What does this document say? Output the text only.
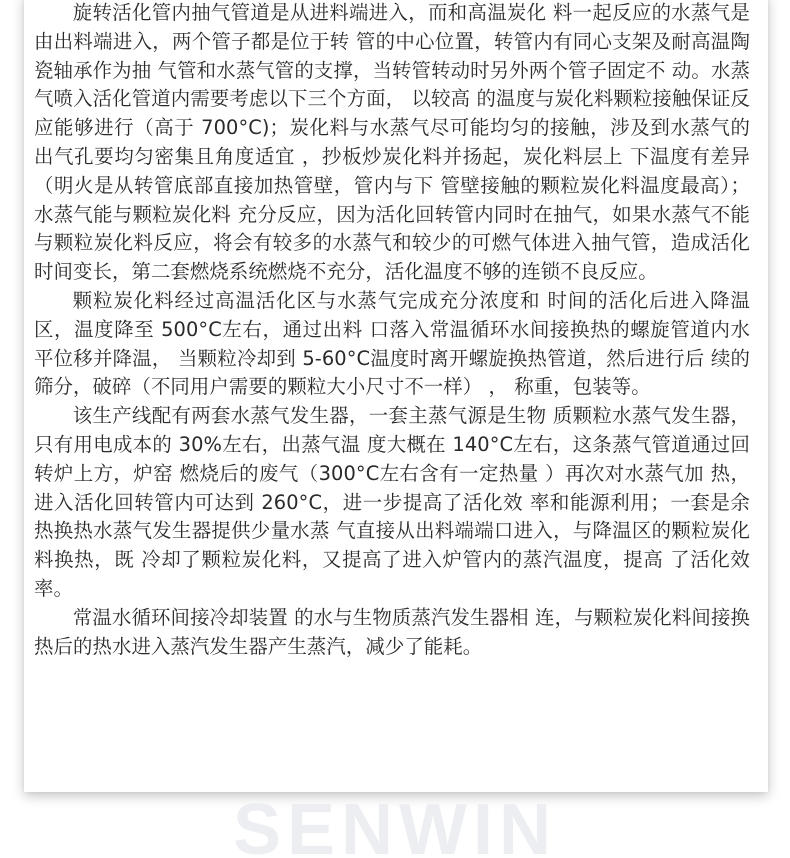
旋转活化管内抽气管道是从进料端进入，而和高温炭化 料一起反应的水蒸气是由出料端进入，两个管子都是位于转 管的中心位置，转管内有同心支架及耐高温陶瓷轴承作为抽 气管和水蒸气管的支撑，当转管转动时另外两个管子固定不 动。水蒸气喷入活化管道内需要考虑以下三个方面， 以较高 的温度与炭化料颗粒接触保证反应能够进行（高于 700°C)；炭化料与水蒸气尽可能均匀的接触，涉及到水蒸气的出气孔要均匀密集且角度适宜 ，抄板炒炭化料并扬起，炭化料层上 下温度有差异（明火是从转管底部直接加热管壁，管内与下 管壁接触的颗粒炭化料温度最高）； 水蒸气能与颗粒炭化料 充分反应，因为活化回转管内同时在抽气，如果水蒸气不能 与颗粒炭化料反应，将会有较多的水蒸气和较少的可燃气体进入抽气管，造成活化时间变长，第二套燃烧系统燃烧不充分，活化温度不够的连锁不良反应。

颗粒炭化料经过高温活化区与水蒸气完成充分浓度和 时间的活化后进入降温区，温度降至 500°C左右，通过出料 口落入常温循环水间接换热的螺旋管道内水平位移并降温， 当颗粒冷却到 5-60°C温度时离开螺旋换热管道，然后进行后 续的筛分，破碎（不同用户需要的颗粒大小尺寸不一样） ， 称重，包装等。

该生产线配有两套水蒸气发生器，一套主蒸气源是生物 质颗粒水蒸气发生器，只有用电成本的 30%左右，出蒸气温 度大概在 140°C左右，这条蒸气管道通过回转炉上方，炉窑 燃烧后的废气（300°C左右含有一定热量 ）再次对水蒸气加 热，进入活化回转管内可达到 260°C，进一步提高了活化效 率和能源利用；一套是余热换热水蒸气发生器提供少量水蒸 气直接从出料端端口进入，与降温区的颗粒炭化料换热，既 冷却了颗粒炭化料，又提高了进入炉管内的蒸汽温度，提高 了活化效率。

常温水循环间接冷却装置 的水与生物质蒸汽发生器相 连，与颗粒炭化料间接换热后的热水进入蒸汽发生器产生蒸汽，减少了能耗。

SENWIN
